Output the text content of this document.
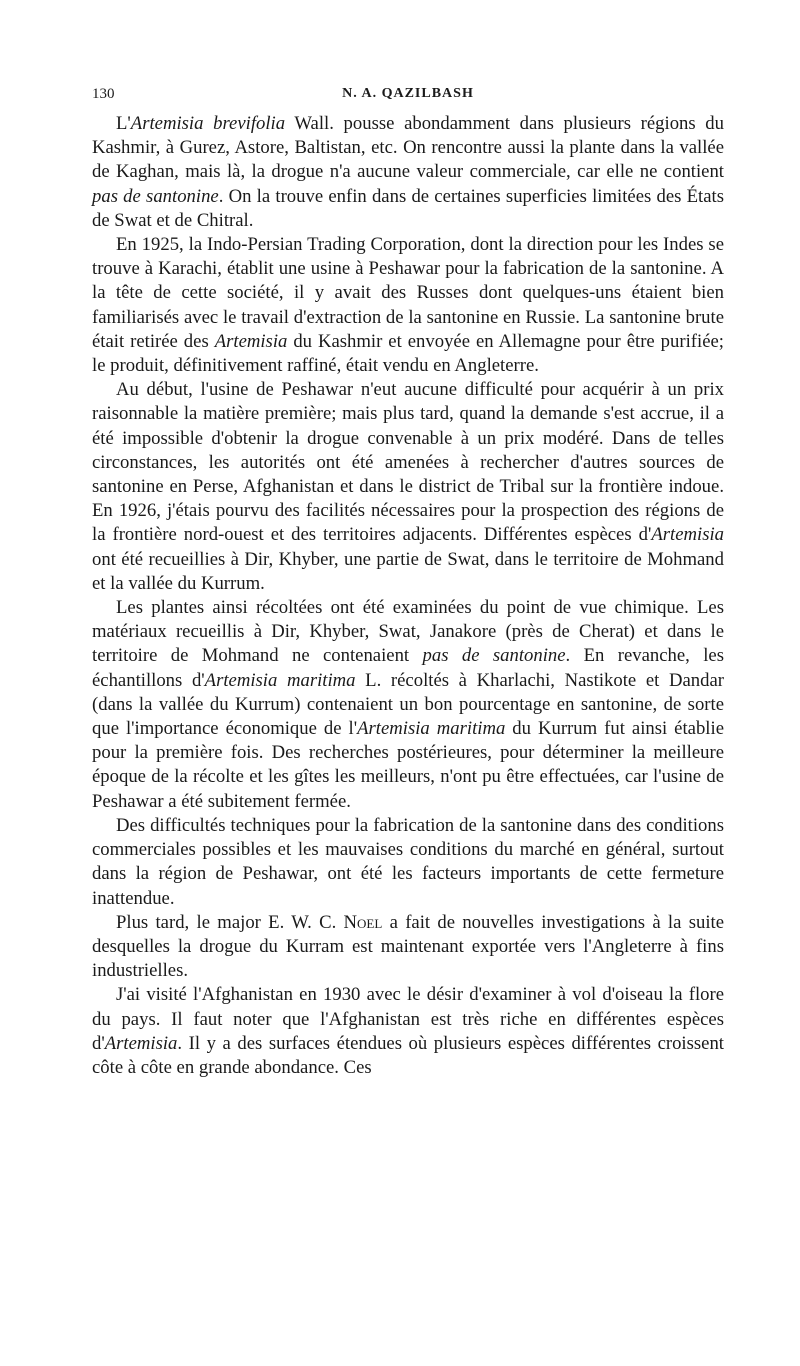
130	N. A. QAZILBASH

L'Artemisia brevifolia Wall. pousse abondamment dans plusieurs régions du Kashmir, à Gurez, Astore, Baltistan, etc. On rencontre aussi la plante dans la vallée de Kaghan, mais là, la drogue n'a aucune valeur commerciale, car elle ne contient pas de santonine. On la trouve enfin dans de certaines superficies limitées des États de Swat et de Chitral.

En 1925, la Indo-Persian Trading Corporation, dont la direction pour les Indes se trouve à Karachi, établit une usine à Peshawar pour la fabrication de la santonine. A la tête de cette société, il y avait des Russes dont quelques-uns étaient bien familiarisés avec le travail d'extraction de la santonine en Russie. La santonine brute était retirée des Artemisia du Kashmir et envoyée en Allemagne pour être purifiée; le produit, définitivement raffiné, était vendu en Angleterre.

Au début, l'usine de Peshawar n'eut aucune difficulté pour acquérir à un prix raisonnable la matière première; mais plus tard, quand la demande s'est accrue, il a été impossible d'obtenir la drogue convenable à un prix modéré. Dans de telles circonstances, les autorités ont été amenées à rechercher d'autres sources de santonine en Perse, Afghanistan et dans le district de Tribal sur la frontière indoue. En 1926, j'étais pourvu des facilités nécessaires pour la prospection des régions de la frontière nord-ouest et des territoires adjacents. Différentes espèces d'Artemisia ont été recueillies à Dir, Khyber, une partie de Swat, dans le territoire de Mohmand et la vallée du Kurrum.

Les plantes ainsi récoltées ont été examinées du point de vue chimique. Les matériaux recueillis à Dir, Khyber, Swat, Janakore (près de Cherat) et dans le territoire de Mohmand ne contenaient pas de santonine. En revanche, les échantillons d'Artemisia maritima L. récoltés à Kharlachi, Nastikote et Dandar (dans la vallée du Kurrum) contenaient un bon pourcentage en santonine, de sorte que l'importance économique de l'Artemisia maritima du Kurrum fut ainsi établie pour la première fois. Des recherches postérieures, pour déterminer la meilleure époque de la récolte et les gîtes les meilleurs, n'ont pu être effectuées, car l'usine de Peshawar a été subitement fermée.

Des difficultés techniques pour la fabrication de la santonine dans des conditions commerciales possibles et les mauvaises conditions du marché en général, surtout dans la région de Peshawar, ont été les facteurs importants de cette fermeture inattendue.

Plus tard, le major E. W. C. Noel a fait de nouvelles investigations à la suite desquelles la drogue du Kurram est maintenant exportée vers l'Angleterre à fins industrielles.

J'ai visité l'Afghanistan en 1930 avec le désir d'examiner à vol d'oiseau la flore du pays. Il faut noter que l'Afghanistan est très riche en différentes espèces d'Artemisia. Il y a des surfaces étendues où plusieurs espèces différentes croissent côte à côte en grande abondance. Ces
